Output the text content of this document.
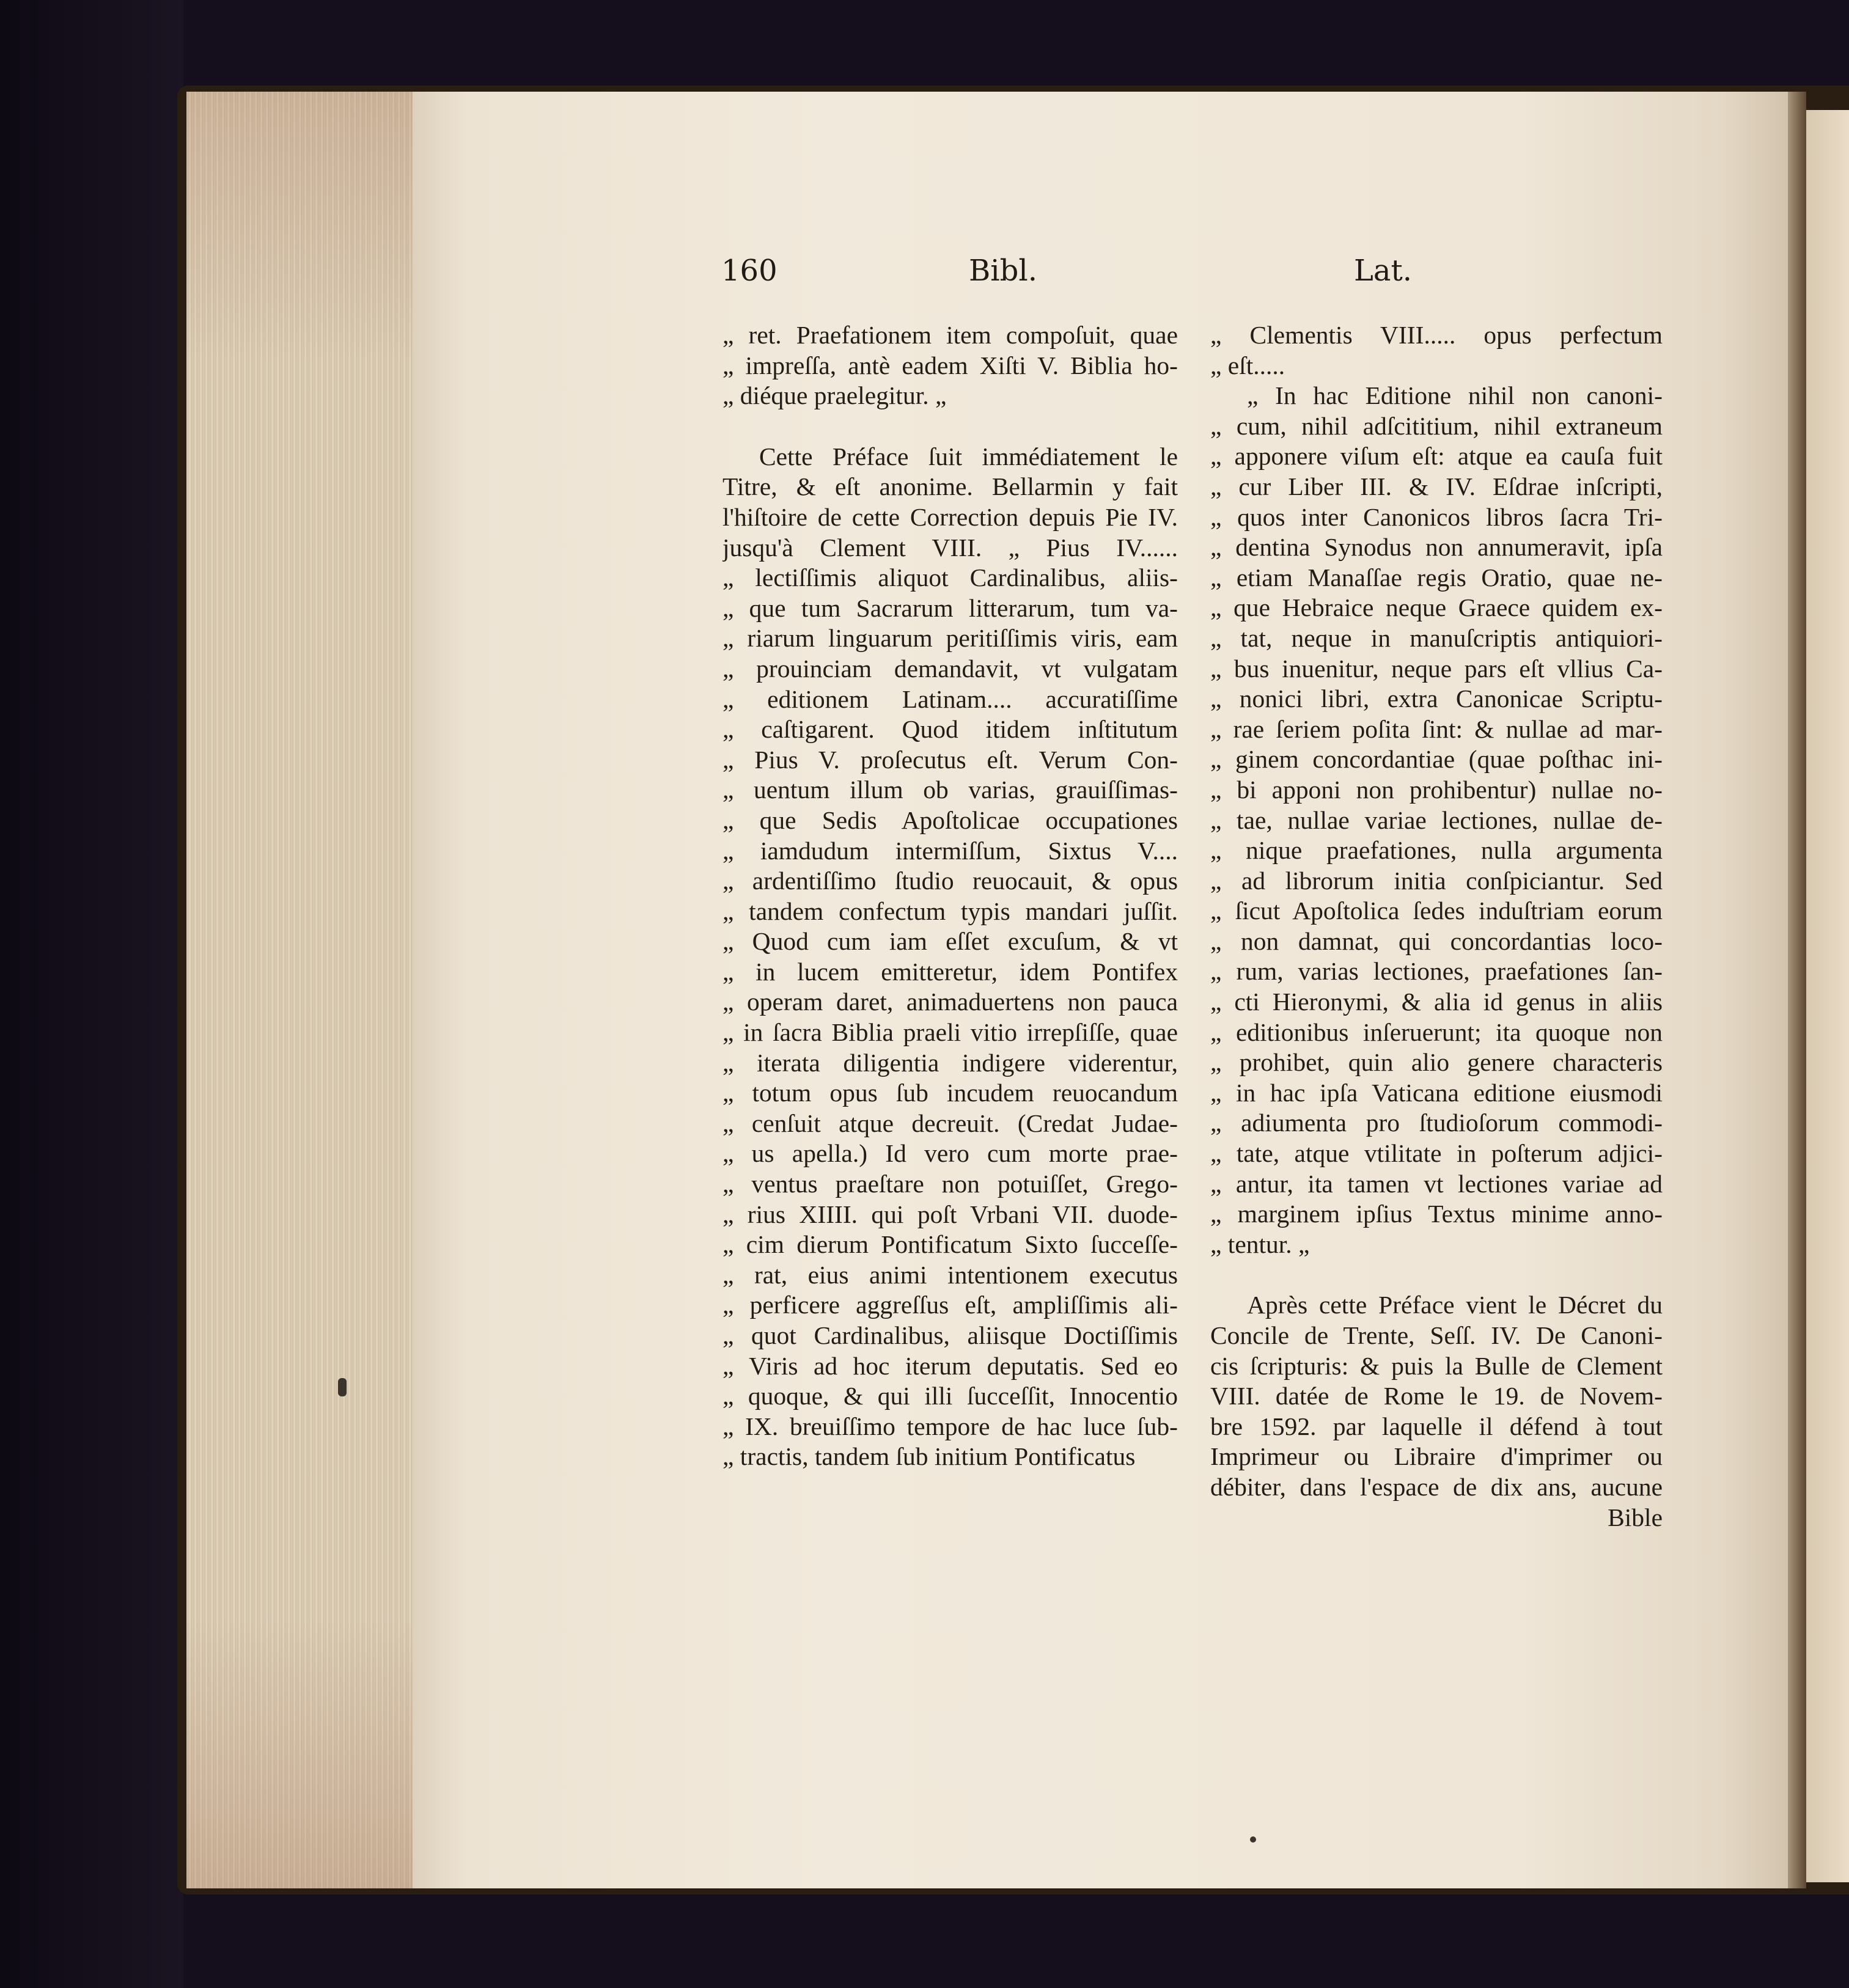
160	Bibl.	Lat.
„ ret. Praefationem item compoſuit, quae
„ impreſſa, antè eadem Xiſti V. Biblia ho-
„ diéque praelegitur. „
Cette Préface ſuit immédiatement le
Titre, & eſt anonime. Bellarmin y fait
l'hiſtoire de cette Correction depuis Pie IV.
jusqu'à Clement VIII. „ Pius IV......
„ lectiſſimis aliquot Cardinalibus, aliis-
„ que tum Sacrarum litterarum, tum va-
„ riarum linguarum peritiſſimis viris, eam
„ prouinciam demandavit, vt vulgatam
„ editionem Latinam.... accuratiſſime
„ caſtigarent. Quod itidem inſtitutum
„ Pius V. proſecutus eſt. Verum Con-
„ uentum illum ob varias, grauiſſimas-
„ que Sedis Apoſtolicae occupationes
„ iamdudum intermiſſum, Sixtus V....
„ ardentiſſimo ſtudio reuocauit, & opus
„ tandem confectum typis mandari juſſit.
„ Quod cum iam eſſet excuſum, & vt
„ in lucem emitteretur, idem Pontifex
„ operam daret, animaduertens non pauca
„ in ſacra Biblia praeli vitio irrepſiſſe, quae
„ iterata diligentia indigere viderentur,
„ totum opus ſub incudem reuocandum
„ cenſuit atque decreuit. (Credat Judae-
„ us apella.) Id vero cum morte prae-
„ ventus praeſtare non potuiſſet, Grego-
„ rius XIIII. qui poſt Vrbani VII. duode-
„ cim dierum Pontificatum Sixto ſucceſſe-
„ rat, eius animi intentionem executus
„ perficere aggreſſus eſt, ampliſſimis ali-
„ quot Cardinalibus, aliisque Doctiſſimis
„ Viris ad hoc iterum deputatis. Sed eo
„ quoque, & qui illi ſucceſſit, Innocentio
„ IX. breuiſſimo tempore de hac luce ſub-
„ tractis, tandem ſub initium Pontificatus
„ Clementis VIII..... opus perfectum
„ eſt.....
„ In hac Editione nihil non canoni-
„ cum, nihil adſcititium, nihil extraneum
„ apponere viſum eſt: atque ea cauſa fuit
„ cur Liber III. & IV. Eſdrae inſcripti,
„ quos inter Canonicos libros ſacra Tri-
„ dentina Synodus non annumeravit, ipſa
„ etiam Manaſſae regis Oratio, quae ne-
„ que Hebraice neque Graece quidem ex-
„ tat, neque in manuſcriptis antiquiori-
„ bus inuenitur, neque pars eſt vllius Ca-
„ nonici libri, extra Canonicae Scriptu-
„ rae ſeriem poſita ſint: & nullae ad mar-
„ ginem concordantiae (quae poſthac ini-
„ bi apponi non prohibentur) nullae no-
„ tae, nullae variae lectiones, nullae de-
„ nique praefationes, nulla argumenta
„ ad librorum initia conſpiciantur. Sed
„ ſicut Apoſtolica ſedes induſtriam eorum
„ non damnat, qui concordantias loco-
„ rum, varias lectiones, praefationes ſan-
„ cti Hieronymi, & alia id genus in aliis
„ editionibus inſeruerunt; ita quoque non
„ prohibet, quin alio genere characteris
„ in hac ipſa Vaticana editione eiusmodi
„ adiumenta pro ſtudioſorum commodi-
„ tate, atque vtilitate in poſterum adjici-
„ antur, ita tamen vt lectiones variae ad
„ marginem ipſius Textus minime anno-
„ tentur. „
Après cette Préface vient le Décret du
Concile de Trente, Seſſ. IV. De Canoni-
cis ſcripturis: & puis la Bulle de Clement
VIII. datée de Rome le 19. de Novem-
bre 1592. par laquelle il défend à tout
Imprimeur ou Libraire d'imprimer ou
débiter, dans l'espace de dix ans, aucune
Bible
